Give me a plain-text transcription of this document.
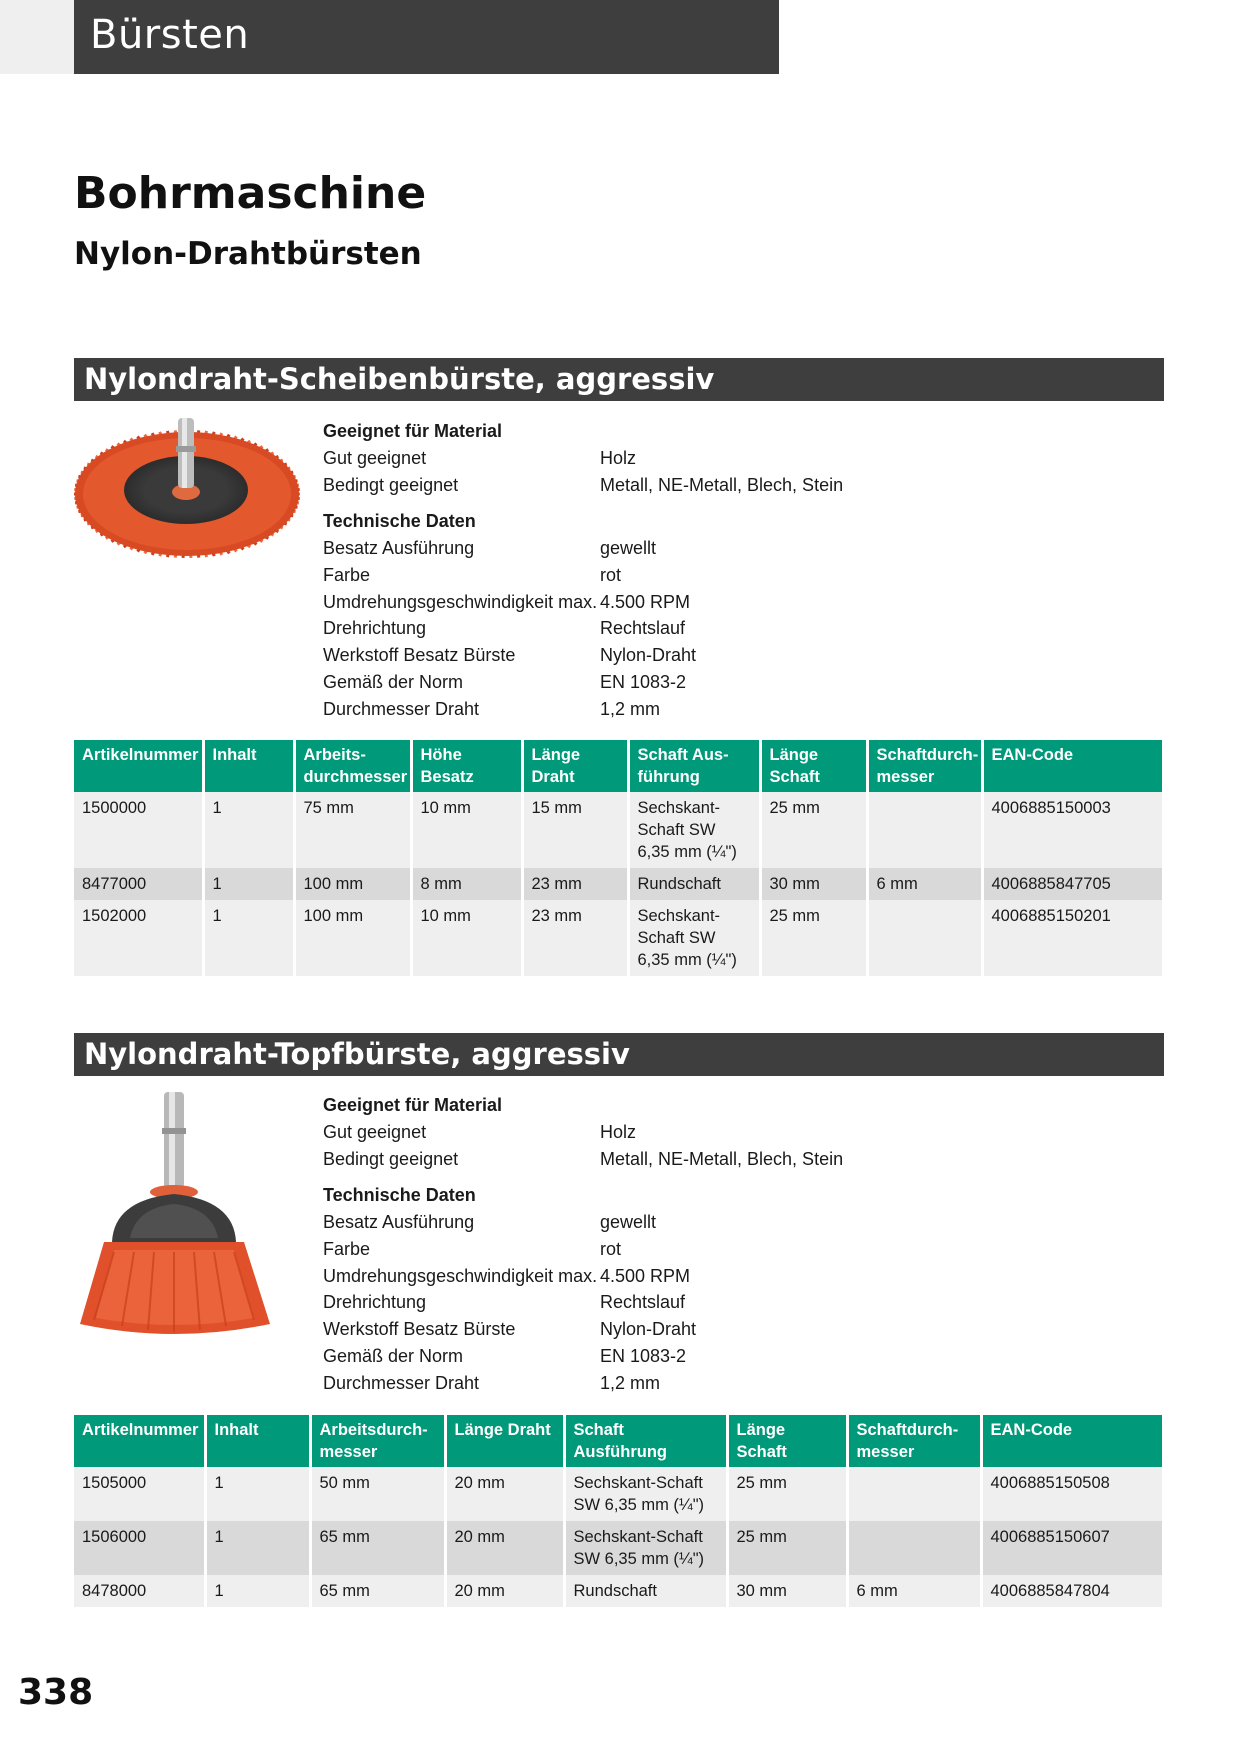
Bürsten
Bohrmaschine
Nylon-Drahtbürsten
Nylondraht-Scheibenbürste, aggressiv
Geeignet für Material
Gut geeignet	Holz
Bedingt geeignet	Metall, NE-Metall, Blech, Stein
Technische Daten
Besatz Ausführung	gewellt
Farbe	rot
Umdrehungsgeschwindigkeit max. 4.500 RPM
Drehrichtung	Rechtslauf
Werkstoff Besatz Bürste	Nylon-Draht
Gemäß der Norm	EN 1083-2
Durchmesser Draht	1,2 mm
Artikelnummer	Inhalt	Arbeits- durchmesser	Höhe Besatz	Länge Draht	Schaft Aus- führung	Länge Schaft	Schaftdurch- messer	EAN-Code
1500000	1	75 mm	10 mm	15 mm	Sechskant-Schaft SW 6,35 mm (¼")	25 mm		4006885150003
8477000	1	100 mm	8 mm	23 mm	Rundschaft	30 mm	6 mm	4006885847705
1502000	1	100 mm	10 mm	23 mm	Sechskant-Schaft SW 6,35 mm (¼")	25 mm		4006885150201
Nylondraht-Topfbürste, aggressiv
Geeignet für Material
Gut geeignet	Holz
Bedingt geeignet	Metall, NE-Metall, Blech, Stein
Technische Daten
Besatz Ausführung	gewellt
Farbe	rot
Umdrehungsgeschwindigkeit max. 4.500 RPM
Drehrichtung	Rechtslauf
Werkstoff Besatz Bürste	Nylon-Draht
Gemäß der Norm	EN 1083-2
Durchmesser Draht	1,2 mm
Artikelnummer	Inhalt	Arbeitsdurch- messer	Länge Draht	Schaft Ausführung	Länge Schaft	Schaftdurch- messer	EAN-Code
1505000	1	50 mm	20 mm	Sechskant-Schaft SW 6,35 mm (¼")	25 mm		4006885150508
1506000	1	65 mm	20 mm	Sechskant-Schaft SW 6,35 mm (¼")	25 mm		4006885150607
8478000	1	65 mm	20 mm	Rundschaft	30 mm	6 mm	4006885847804
338
